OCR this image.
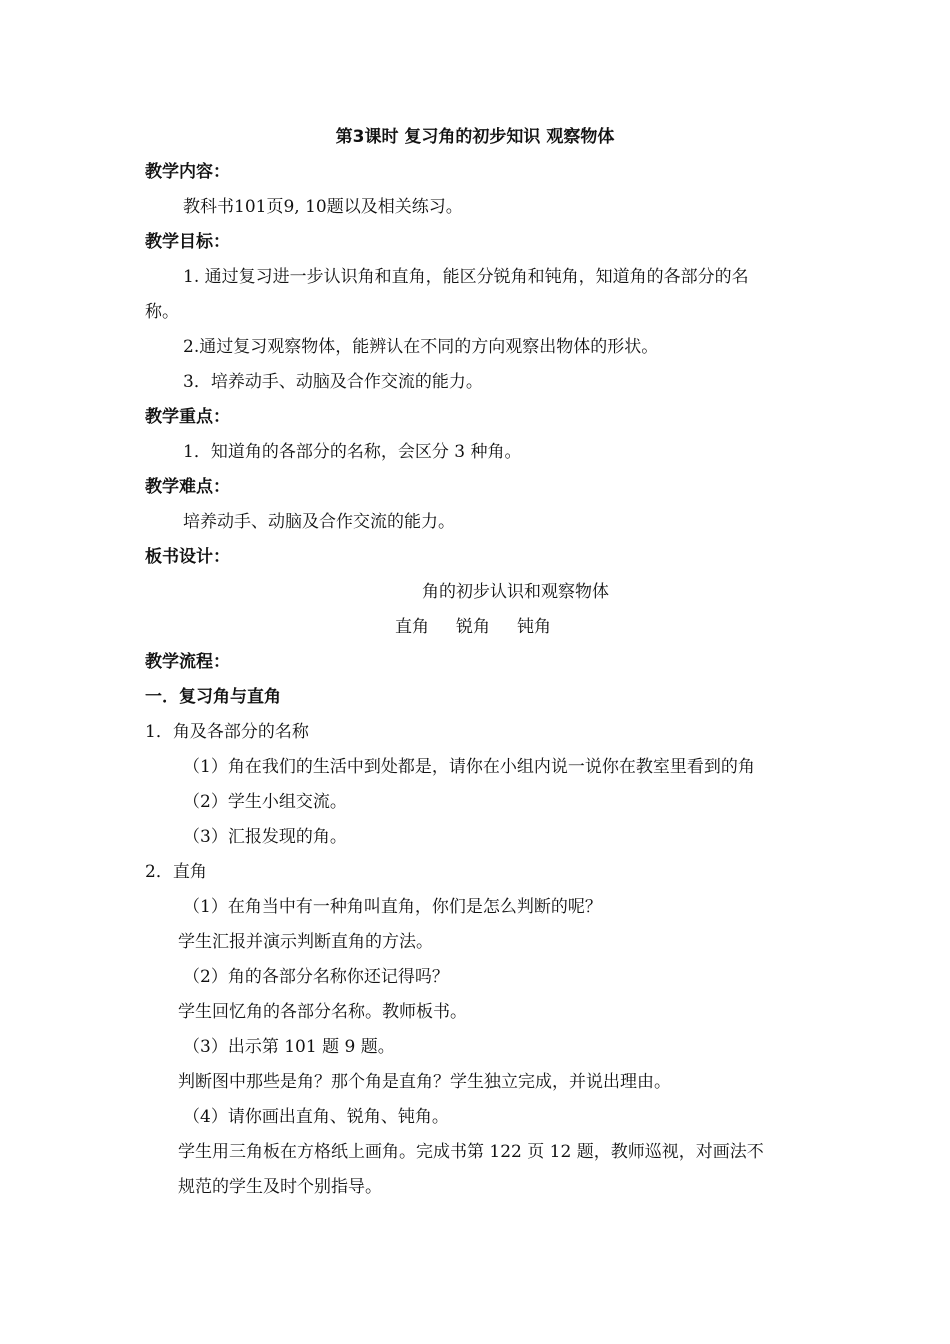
第3课时 复习角的初步知识 观察物体
教学内容：
教科书101页9, 10题以及相关练习。
教学目标：
1. 通过复习进一步认识角和直角，能区分锐角和钝角，知道角的各部分的名
称。
2.通过复习观察物体，能辨认在不同的方向观察出物体的形状。
3．培养动手、动脑及合作交流的能力。
教学重点：
1．知道角的各部分的名称，会区分 3 种角。
教学难点：
培养动手、动脑及合作交流的能力。
板书设计：
角的初步认识和观察物体
直角     锐角     钝角
教学流程：
一．复习角与直角
1．角及各部分的名称
（1）角在我们的生活中到处都是，请你在小组内说一说你在教室里看到的角
（2）学生小组交流。
（3）汇报发现的角。
2．直角
（1）在角当中有一种角叫直角，你们是怎么判断的呢？
学生汇报并演示判断直角的方法。
（2）角的各部分名称你还记得吗？
学生回忆角的各部分名称。教师板书。
（3）出示第 101 题 9 题。
判断图中那些是角？那个角是直角？学生独立完成，并说出理由。
（4）请你画出直角、锐角、钝角。
学生用三角板在方格纸上画角。完成书第 122 页 12 题，教师巡视，对画法不
规范的学生及时个别指导。
